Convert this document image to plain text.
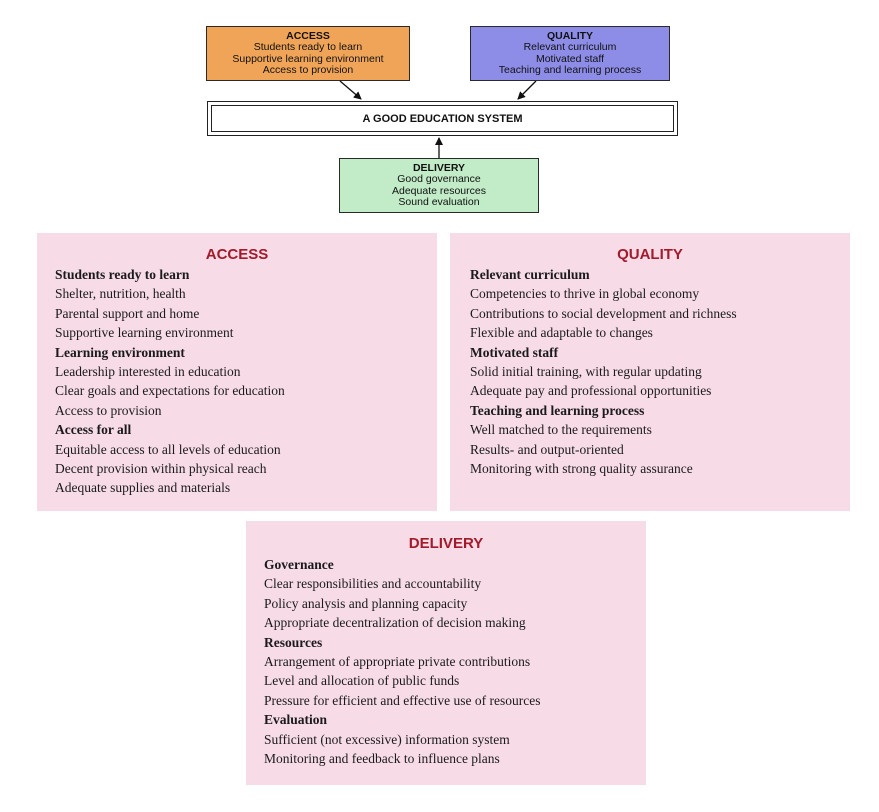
ACCESS
Students ready to learn
Supportive learning environment
Access to provision
QUALITY
Relevant curriculum
Motivated staff
Teaching and learning process
A GOOD EDUCATION SYSTEM
DELIVERY
Good governance
Adequate resources
Sound evaluation
ACCESS
Students ready to learn
Shelter, nutrition, health
Parental support and home
Supportive learning environment
Learning environment
Leadership interested in education
Clear goals and expectations for education
Access to provision
Access for all
Equitable access to all levels of education
Decent provision within physical reach
Adequate supplies and materials
QUALITY
Relevant curriculum
Competencies to thrive in global economy
Contributions to social development and richness
Flexible and adaptable to changes
Motivated staff
Solid initial training, with regular updating
Adequate pay and professional opportunities
Teaching and learning process
Well matched to the requirements
Results- and output-oriented
Monitoring with strong quality assurance
DELIVERY
Governance
Clear responsibilities and accountability
Policy analysis and planning capacity
Appropriate decentralization of decision making
Resources
Arrangement of appropriate private contributions
Level and allocation of public funds
Pressure for efficient and effective use of resources
Evaluation
Sufficient (not excessive) information system
Monitoring and feedback to influence plans
